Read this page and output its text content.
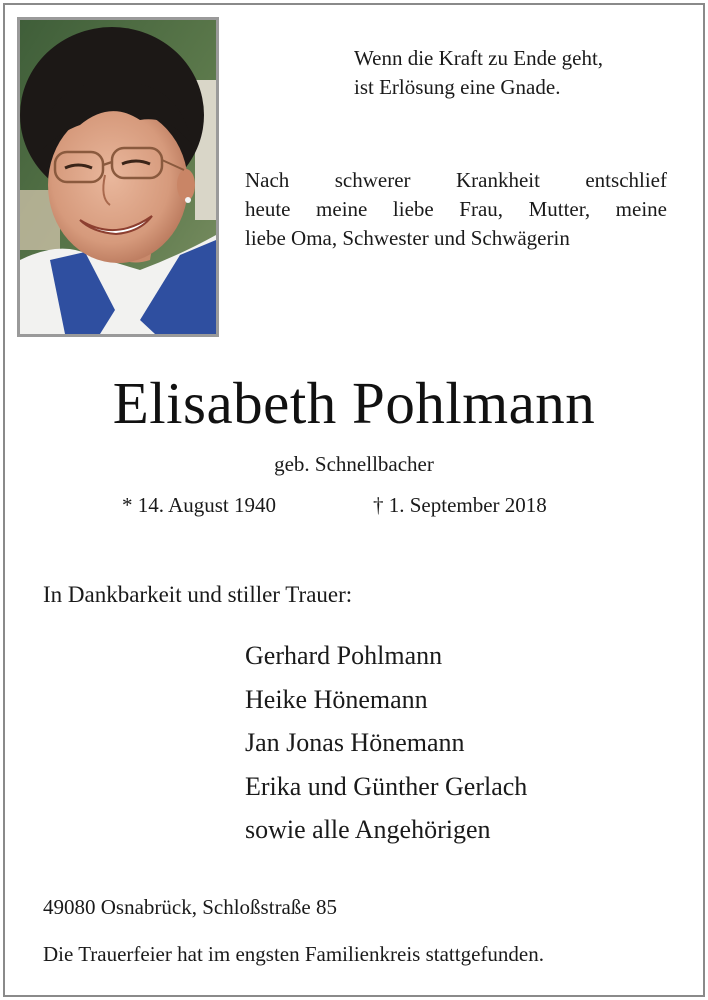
Wenn die Kraft zu Ende geht,
ist Erlösung eine Gnade.
Nach schwerer Krankheit entschlief
heute meine liebe Frau, Mutter, meine
liebe Oma, Schwester und Schwägerin
Elisabeth Pohlmann
geb. Schnellbacher
* 14. August 1940	† 1. September 2018
In Dankbarkeit und stiller Trauer:
Gerhard Pohlmann
Heike Hönemann
Jan Jonas Hönemann
Erika und Günther Gerlach
sowie alle Angehörigen
49080 Osnabrück, Schloßstraße 85
Die Trauerfeier hat im engsten Familienkreis stattgefunden.
